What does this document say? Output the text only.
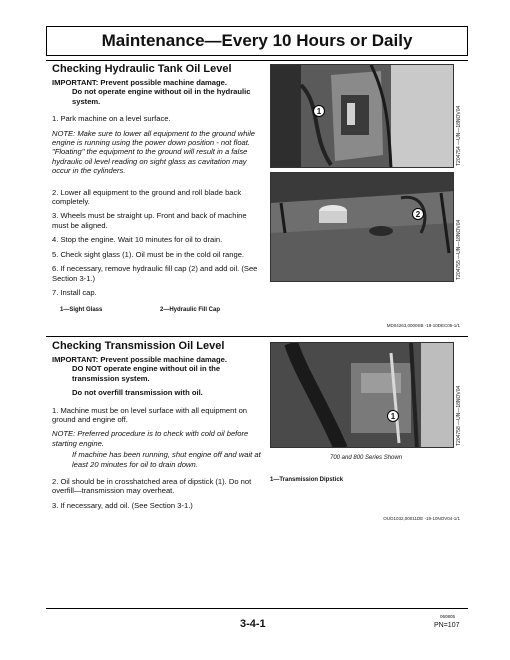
Maintenance—Every 10 Hours or Daily
Checking Hydraulic Tank Oil Level
IMPORTANT: Prevent possible machine damage.
Do not operate engine without oil in the hydraulic system.
1. Park machine on a level surface.
NOTE: Make sure to lower all equipment to the ground while engine is running using the power down position - not float. "Floating" the equipment to the ground will result in a false hydraulic oil level reading on sight glass as cavitation may occur in the cylinders.
2. Lower all equipment to the ground and roll blade back completely.
3. Wheels must be straight up. Front and back of machine must be aligned.
4. Stop the engine. Wait 10 minutes for oil to drain.
5. Check sight glass (1). Oil must be in the cold oil range.
6. If necessary, remove hydraulic fill cap (2) and add oil. (See Section 3-1.)
7. Install cap.
1	T204754 —UN—18NOV04
2
T204755 —UN—18NOV04
1—Sight Glass	2—Hydraulic Fill Cap
MD04263,0000SB -19-10DEC05-1/1
Checking Transmission Oil Level
IMPORTANT: Prevent possible machine damage.
DO NOT operate engine without oil in the transmission system.
Do not overfill transmission with oil.
1. Machine must be on level surface with all equipment on ground and engine off.
NOTE: Preferred procedure is to check with cold oil before starting engine.
If machine has been running, shut engine off and wait at least 20 minutes for oil to drain down.
2. Oil should be in crosshatched area of dipstick (1). Do not overfill—transmission may overheat.
3. If necessary, add oil. (See Section 3-1.)
1	T204758 —UN—18NOV04
700 and 800 Series Shown
1—Transmission Dipstick
OUO1032,00011DE -19-10NOV04-1/1
3-4-1
060805
PN=107
